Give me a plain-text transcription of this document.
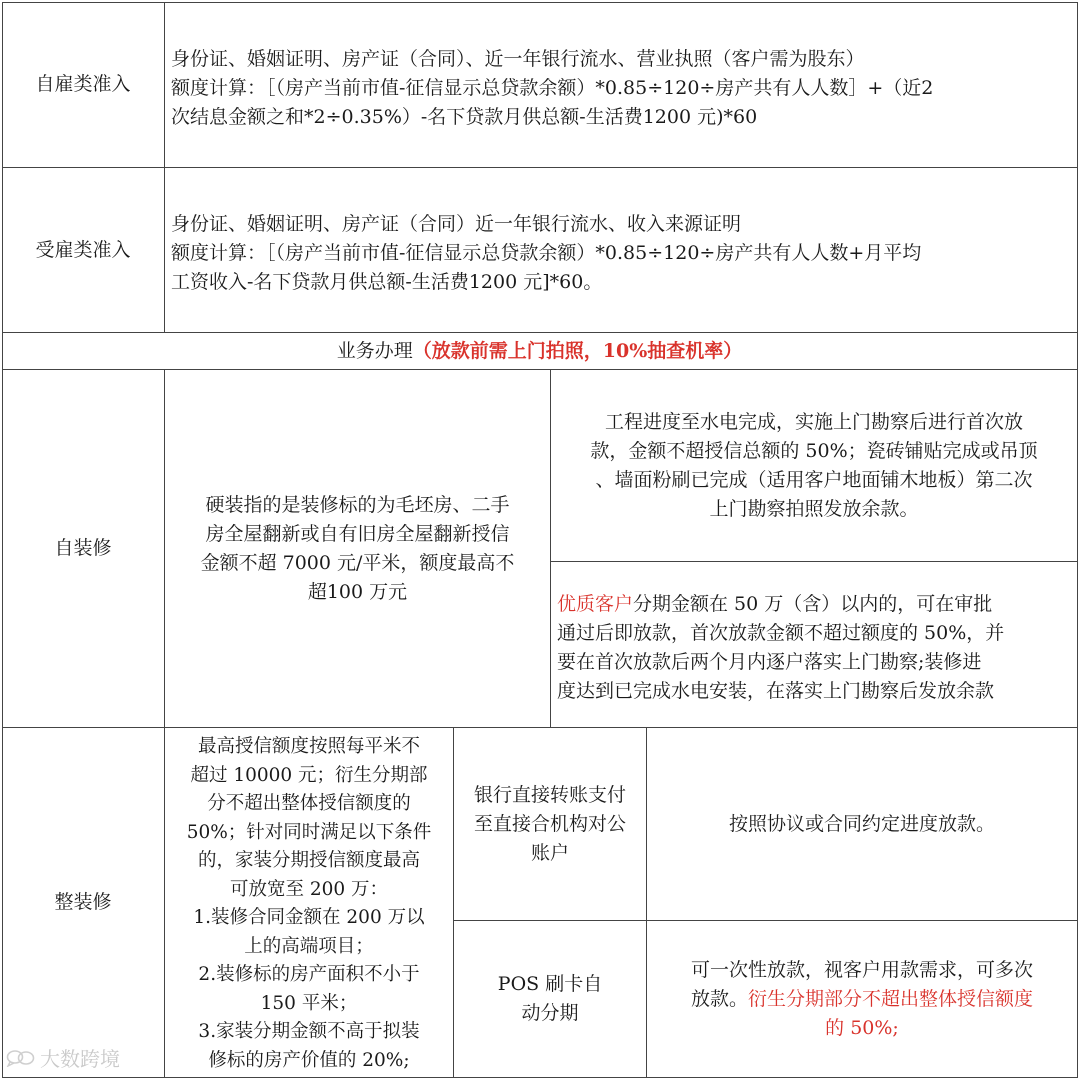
自雇类准入
身份证、婚姻证明、房产证（合同）、近一年银行流水、营业执照（客户需为股东）
额度计算：［（房产当前市值-征信显示总贷款余额）*0.85÷120÷房产共有人人数］+（近2
次结息金额之和*2÷0.35%）-名下贷款月供总额-生活费1200 元)*60
受雇类准入
身份证、婚姻证明、房产证（合同）近一年银行流水、收入来源证明
额度计算：［（房产当前市值-征信显示总贷款余额）*0.85÷120÷房产共有人人数+月平均
工资收入-名下贷款月供总额-生活费1200 元]*60。
业务办理 （放款前需上门拍照，10%抽查机率）
自装修
硬装指的是装修标的为毛坯房、二手
房全屋翻新或自有旧房全屋翻新授信
金额不超 7000 元/平米，额度最高不
超100 万元
工程进度至水电完成，实施上门勘察后进行首次放
款，金额不超授信总额的 50%；瓷砖铺贴完成或吊顶
、墙面粉刷已完成（适用客户地面铺木地板）第二次
上门勘察拍照发放余款。
优质客户分期金额在 50 万（含）以内的，可在审批
通过后即放款，首次放款金额不超过额度的 50%，并
要在首次放款后两个月内逐户落实上门勘察;装修进
度达到已完成水电安装，在落实上门勘察后发放余款
整装修
最高授信额度按照每平米不
超过 10000 元；衍生分期部
分不超出整体授信额度的
50%；针对同时满足以下条件
的，家装分期授信额度最高
可放宽至 200 万：
1.装修合同金额在 200 万以
上的高端项目；
2.装修标的房产面积不小于
150 平米；
3.家装分期金额不高于拟装
修标的房产价值的 20%;
银行直接转账支付
至直接合机构对公
账户
按照协议或合同约定进度放款。
POS 刷卡自
动分期
可一次性放款，视客户用款需求，可多次
放款。衍生分期部分不超出整体授信额度
的 50%;
大数跨境
